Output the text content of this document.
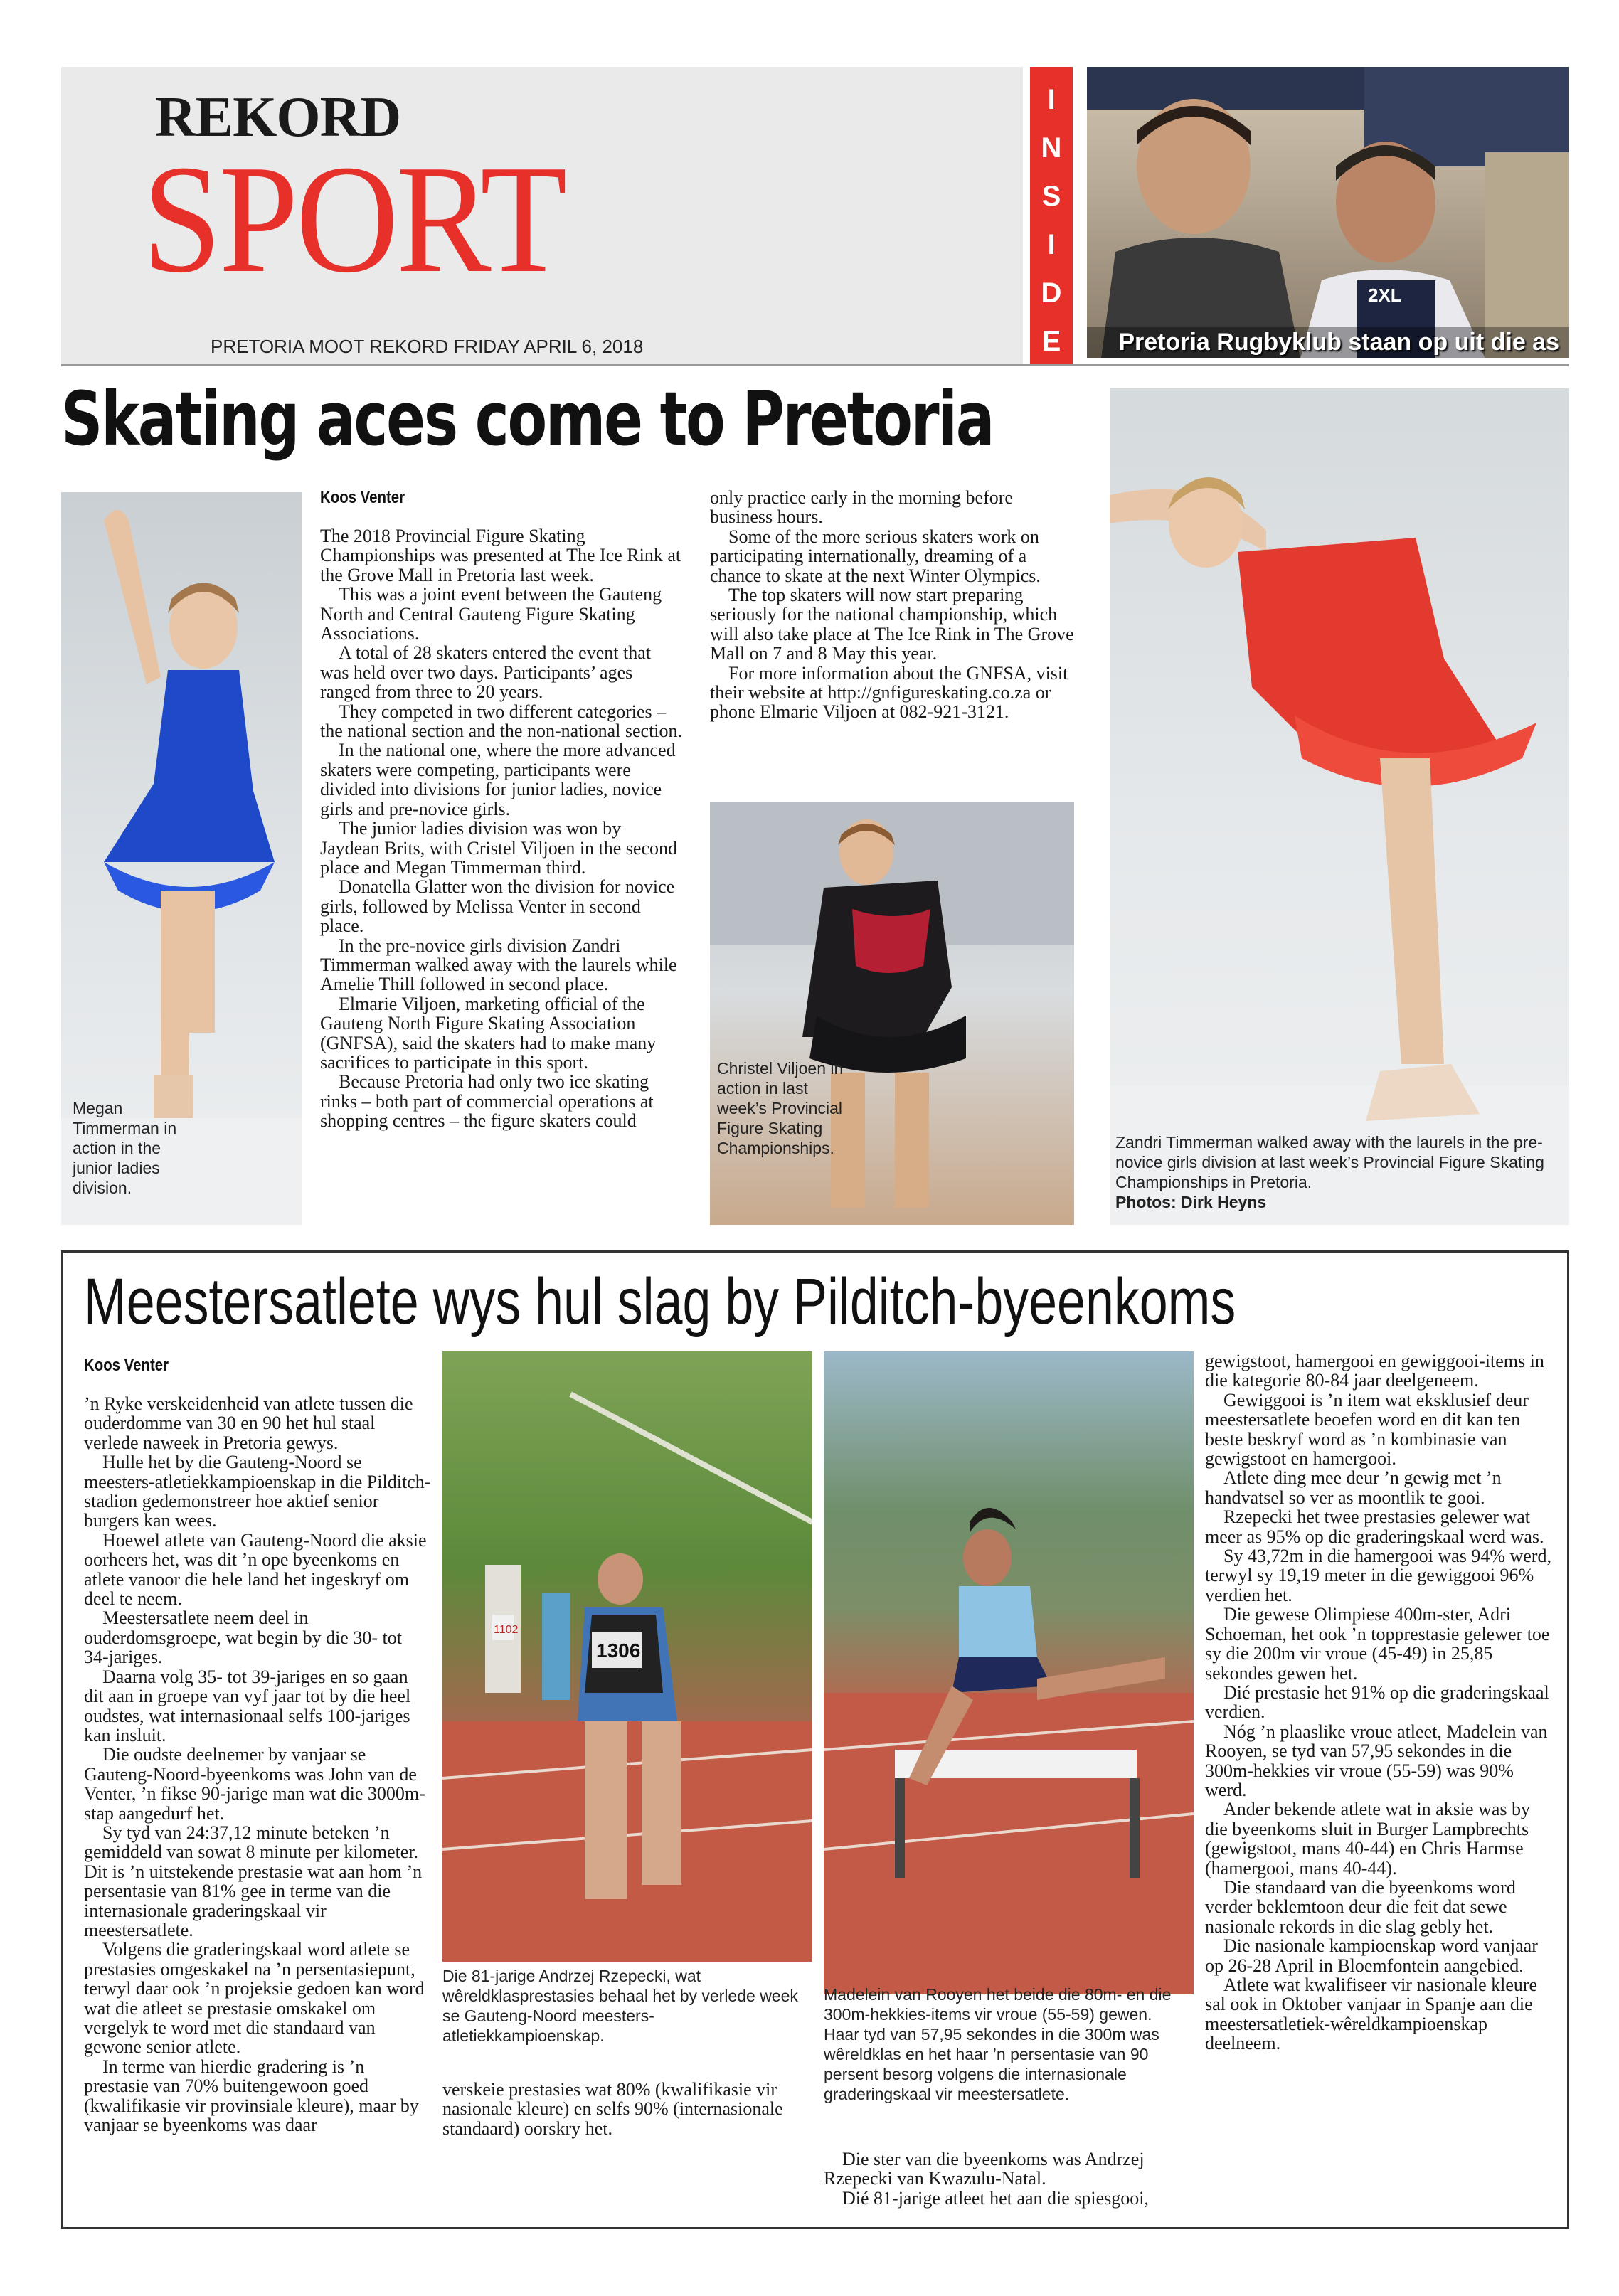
REKORD
SPORT
PRETORIA MOOT REKORD FRIDAY APRIL 6, 2018
I
N
S
I
D
E
2XL
Pretoria Rugbyklub staan op uit die as
Skating aces come to Pretoria
Megan Timmerman in action in the junior ladies division.
Koos Venter

The 2018 Provincial Figure Skating Championships was presented at The Ice Rink at the Grove Mall in Pretoria last week.

This was a joint event between the Gauteng North and Central Gauteng Figure Skating Associations.

A total of 28 skaters entered the event that was held over two days. Participants’ ages ranged from three to 20 years.

They competed in two different categories – the national section and the non-national section.

In the national one, where the more advanced skaters were competing, participants were divided into divisions for junior ladies, novice girls and pre-novice girls.

The junior ladies division was won by Jaydean Brits, with Cristel Viljoen in the second place and Megan Timmerman third.

Donatella Glatter won the division for novice girls, followed by Melissa Venter in second place.

In the pre-novice girls division Zandri Timmerman walked away with the laurels while Amelie Thill followed in second place.

Elmarie Viljoen, marketing official of the Gauteng North Figure Skating Association (GNFSA), said the skaters had to make many sacrifices to participate in this sport.

Because Pretoria had only two ice skating rinks – both part of commercial operations at shopping centres – the figure skaters could

only practice early in the morning before business hours.

Some of the more serious skaters work on participating internationally, dreaming of a chance to skate at the next Winter Olympics.

The top skaters will now start preparing seriously for the national championship, which will also take place at The Ice Rink in The Grove Mall on 7 and 8 May this year.

For more information about the GNFSA, visit their website at http://gnfigureskating.co.za or phone Elmarie Viljoen at 082-921-3121.

Christel Viljoen in action in last week’s Provincial Figure Skating Championships.	Zandri Timmerman walked away with the laurels in the pre-novice girls division at last week’s Provincial Figure Skating Championships in Pretoria.
Photos: Dirk Heyns
Meestersatlete wys hul slag by Pilditch-byeenkoms
Koos Venter

’n Ryke verskeidenheid van atlete tussen die ouderdomme van 30 en 90 het hul staal verlede naweek in Pretoria gewys.

Hulle het by die Gauteng-Noord se meesters-atletiekkampioenskap in die Pilditch-stadion gedemonstreer hoe aktief senior burgers kan wees.

Hoewel atlete van Gauteng-Noord die aksie oorheers het, was dit ’n ope byeenkoms en atlete vanoor die hele land het ingeskryf om deel te neem.

Meestersatlete neem deel in ouderdomsgroepe, wat begin by die 30- tot 34-jariges.

Daarna volg 35- tot 39-jariges en so gaan dit aan in groepe van vyf jaar tot by die heel oudstes, wat internasionaal selfs 100-jariges kan insluit.

Die oudste deelnemer by vanjaar se Gauteng-Noord-byeenkoms was John van de Venter, ’n fikse 90-jarige man wat die 3000m-stap aangedurf het.

Sy tyd van 24:37,12 minute beteken ’n gemiddeld van sowat 8 minute per kilometer. Dit is ’n uitstekende prestasie wat aan hom ’n persentasie van 81% gee in terme van die internasionale graderingskaal vir meestersatlete.

Volgens die graderingskaal word atlete se prestasies omgeskakel na ’n persentasiepunt, terwyl daar ook ’n projeksie gedoen kan word wat die atleet se prestasie omskakel om vergelyk te word met die standaard van gewone senior atlete.

In terme van hierdie gradering is ’n prestasie van 70% buitengewoon goed (kwalifikasie vir provinsiale kleure), maar by vanjaar se byeenkoms was daar

1306
1102
Die 81-jarige Andrzej Rzepecki, wat wêreldklasprestasies behaal het by verlede week se Gauteng-Noord meesters-atletiekkampioenskap.

verskeie prestasies wat 80% (kwalifikasie vir nasionale kleure) en selfs 90% (internasionale standaard) oorskry het.

Madelein van Rooyen het beide die 80m- en die 300m-hekkies-items vir vroue (55-59) gewen. Haar tyd van 57,95 sekondes in die 300m was wêreldklas en het haar ’n persentasie van 90 persent besorg volgens die internasionale graderingskaal vir meestersatlete.

Die ster van die byeenkoms was Andrzej Rzepecki van Kwazulu-Natal.

Dié 81-jarige atleet het aan die spiesgooi,

gewigstoot, hamergooi en gewiggooi-items in die kategorie 80-84 jaar deelgeneem.

Gewiggooi is ’n item wat eksklusief deur meestersatlete beoefen word en dit kan ten beste beskryf word as ’n kombinasie van gewigstoot en hamergooi.

Atlete ding mee deur ’n gewig met ’n handvatsel so ver as moontlik te gooi.

Rzepecki het twee prestasies gelewer wat meer as 95% op die graderingskaal werd was.

Sy 43,72m in die hamergooi was 94% werd, terwyl sy 19,19 meter in die gewiggooi 96% verdien het.

Die gewese Olimpiese 400m-ster, Adri Schoeman, het ook ’n topprestasie gelewer toe sy die 200m vir vroue (45-49) in 25,85 sekondes gewen het.

Dié prestasie het 91% op die graderingskaal verdien.

Nóg ’n plaaslike vroue atleet, Madelein van Rooyen, se tyd van 57,95 sekondes in die 300m-hekkies vir vroue (55-59) was 90% werd.

Ander bekende atlete wat in aksie was by die byeenkoms sluit in Burger Lampbrechts (gewigstoot, mans 40-44) en Chris Harmse (hamergooi, mans 40-44).

Die standaard van die byeenkoms word verder beklemtoon deur die feit dat sewe nasionale rekords in die slag gebly het.

Die nasionale kampioenskap word vanjaar op 26-28 April in Bloemfontein aangebied.

Atlete wat kwalifiseer vir nasionale kleure sal ook in Oktober vanjaar in Spanje aan die meestersatletiek-wêreldkampioenskap deelneem.
